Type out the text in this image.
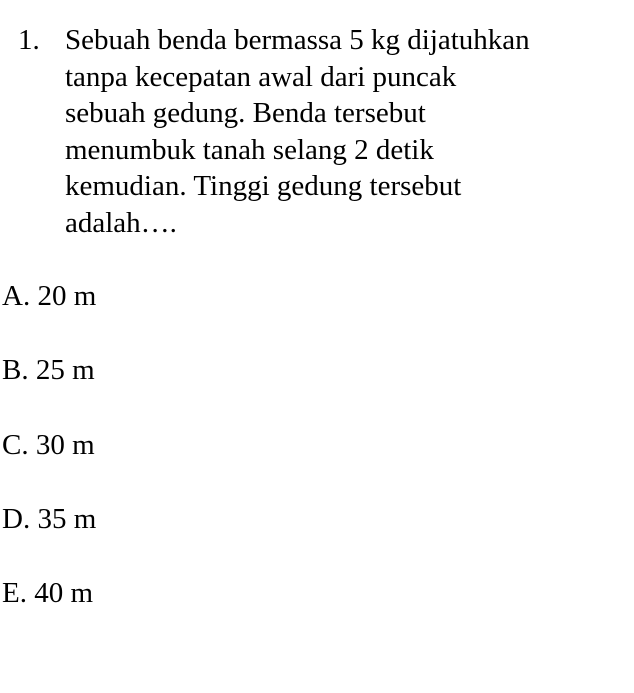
1. Sebuah benda bermassa 5 kg dijatuhkan
tanpa kecepatan awal dari puncak
sebuah gedung. Benda tersebut
menumbuk tanah selang 2 detik
kemudian. Tinggi gedung tersebut
adalah….
A. 20 m
B. 25 m
C. 30 m
D. 35 m
E. 40 m
